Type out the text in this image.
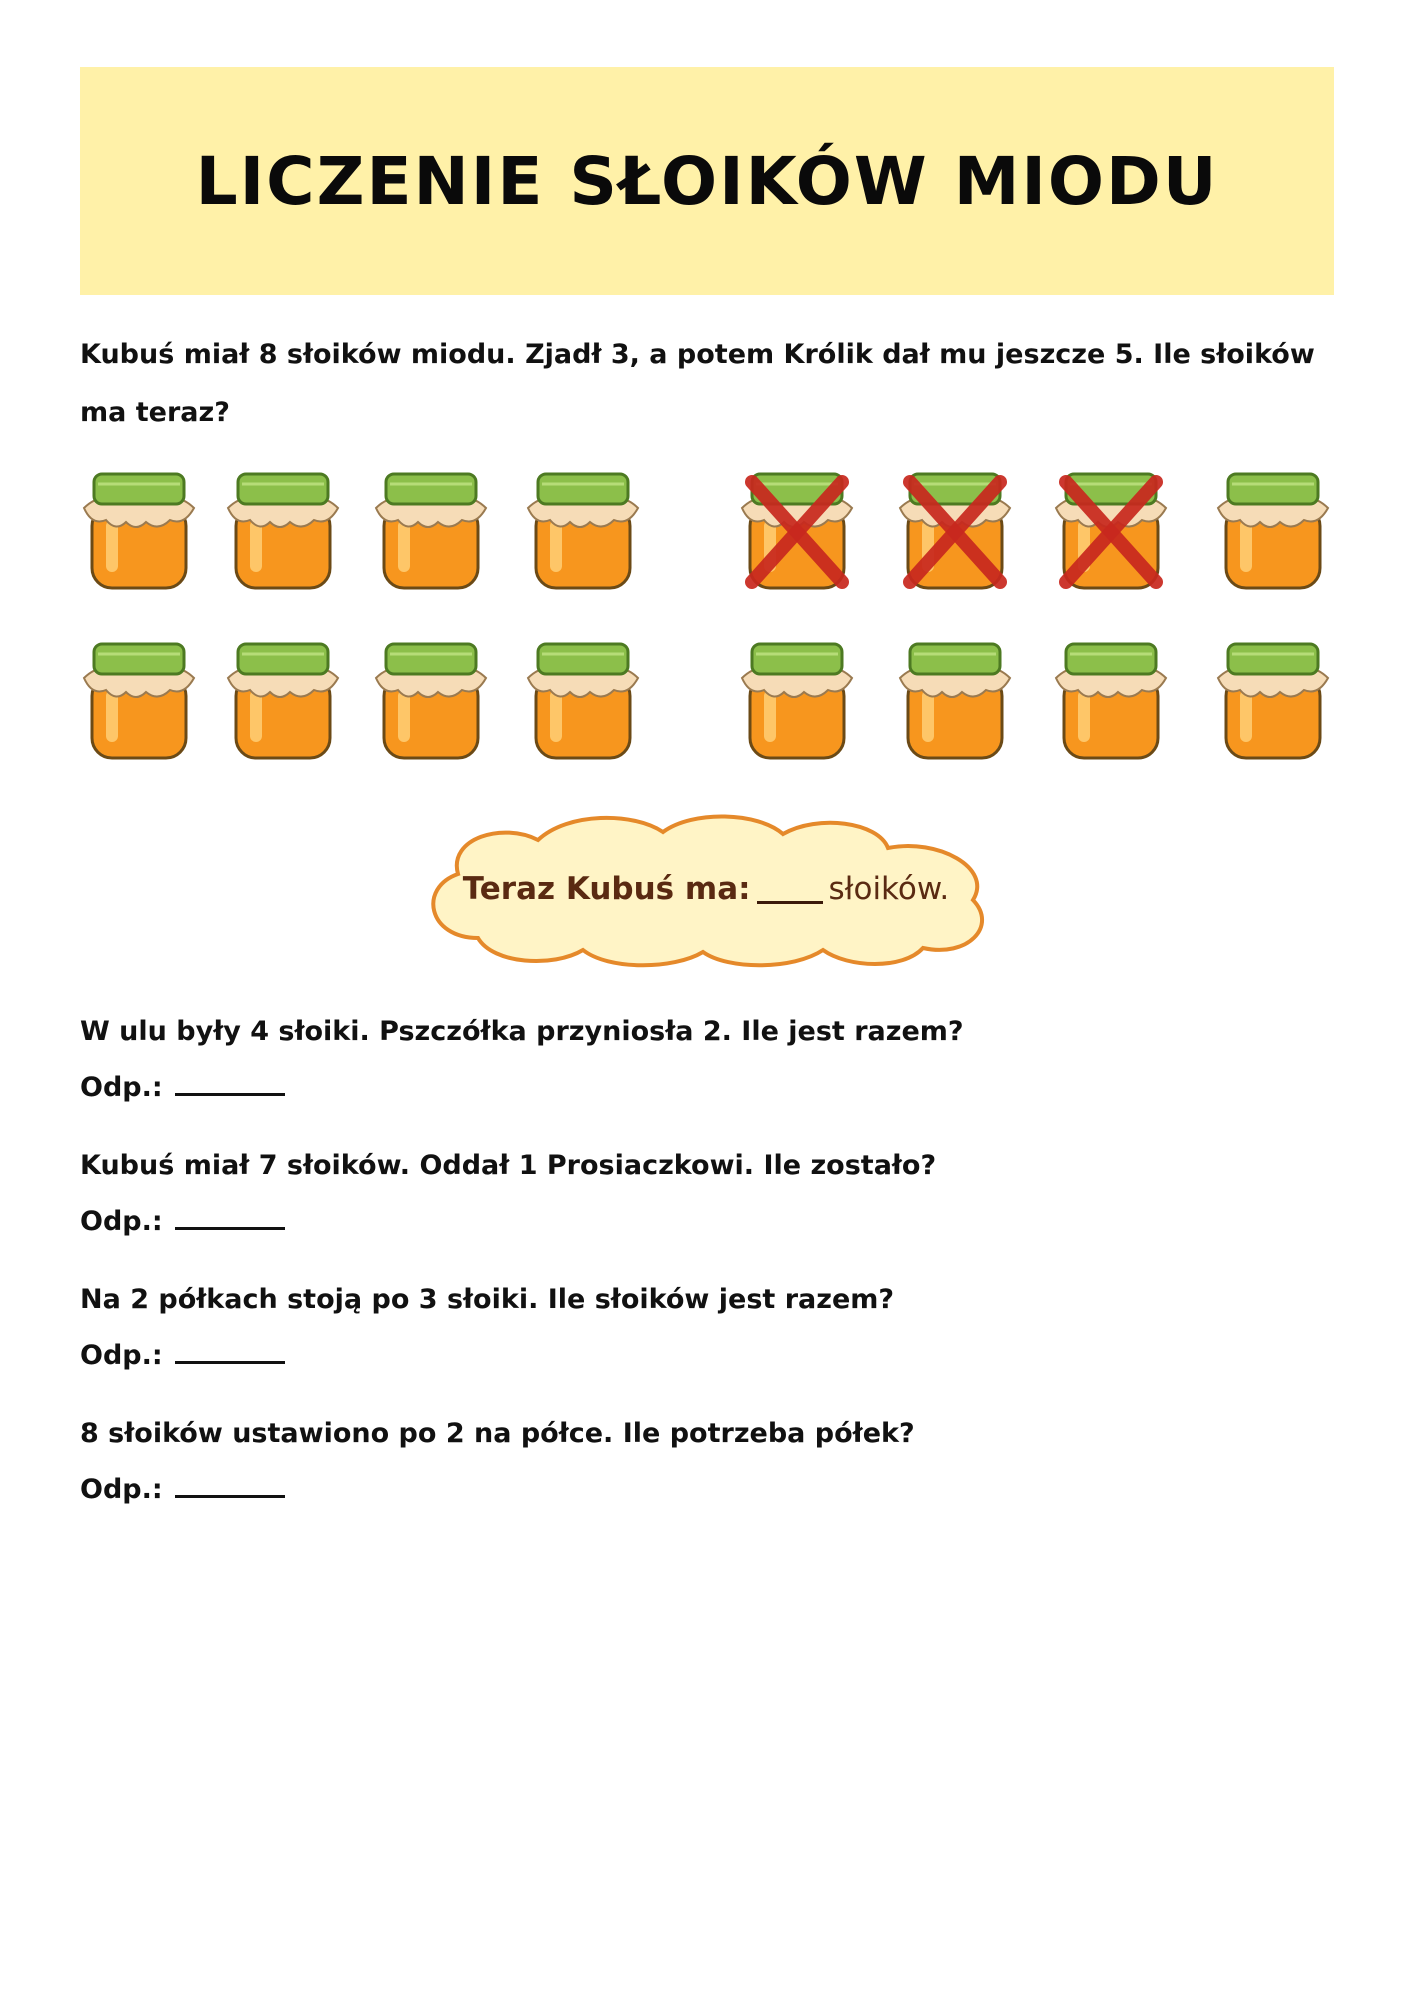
LICZENIE SŁOIKÓW MIODU

Kubuś miał 8 słoików miodu. Zjadł 3, a potem Królik dał mu jeszcze 5. Ile słoików ma teraz?

Teraz Kubuś ma:	słoików.

W ulu były 4 słoiki. Pszczółka przyniosła 2. Ile jest razem?

Odp.:

Kubuś miał 7 słoików. Oddał 1 Prosiaczkowi. Ile zostało?

Odp.:

Na 2 półkach stoją po 3 słoiki. Ile słoików jest razem?

Odp.:

8 słoików ustawiono po 2 na półce. Ile potrzeba półek?

Odp.:
